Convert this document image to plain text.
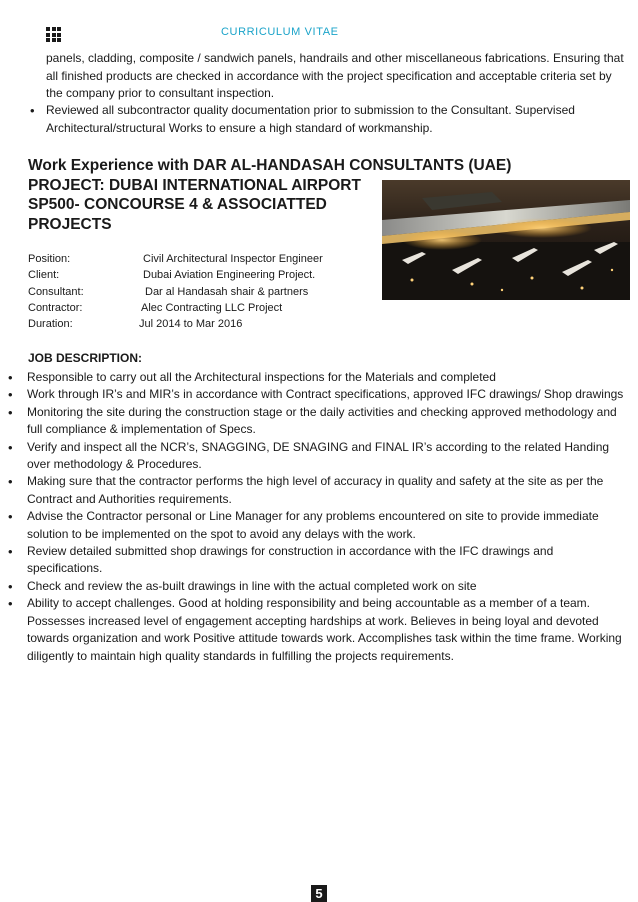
CURRICULUM VITAE

panels, cladding, composite / sandwich panels, handrails and other miscellaneous fabrications. Ensuring that all finished products are checked in accordance with the project specification and acceptable criteria set by the company prior to consultant inspection.

• Reviewed all subcontractor quality documentation prior to submission to the Consultant. Supervised Architectural/structural Works to ensure a high standard of workmanship.
Work Experience with DAR AL-HANDASAH CONSULTANTS (UAE)
PROJECT: DUBAI INTERNATIONAL AIRPORT
SP500- CONCOURSE 4 & ASSOCIATTED
PROJECTS
Position:	Civil Architectural Inspector Engineer
Client:	Dubai Aviation Engineering Project.
Consultant:	Dar al Handasah shair & partners
Contractor:	Alec Contracting LLC Project
Duration:	Jul 2014 to Mar 2016

JOB DESCRIPTION:

• Responsible to carry out all the Architectural inspections for the Materials and completed
• Work through IR’s and MIR’s in accordance with Contract specifications, approved IFC drawings/ Shop drawings
• Monitoring the site during the construction stage or the daily activities and checking approved methodology and full compliance & implementation of Specs.
• Verify and inspect all the NCR’s, SNAGGING, DE SNAGING and FINAL IR’s according to the related Handing over methodology & Procedures.
• Making sure that the contractor performs the high level of accuracy in quality and safety at the site as per the Contract and Authorities requirements.
• Advise the Contractor personal or Line Manager for any problems encountered on site to provide immediate solution to be implemented on the spot to avoid any delays with the work.
• Review detailed submitted shop drawings for construction in accordance with the IFC drawings and specifications.
• Check and review the as-built drawings in line with the actual completed work on site
• Ability to accept challenges. Good at holding responsibility and being accountable as a member of a team. Possesses increased level of engagement accepting hardships at work. Believes in being loyal and devoted towards organization and work Positive attitude towards work. Accomplishes task within the time frame. Working diligently to maintain high quality standards in fulfilling the projects requirements.
5
